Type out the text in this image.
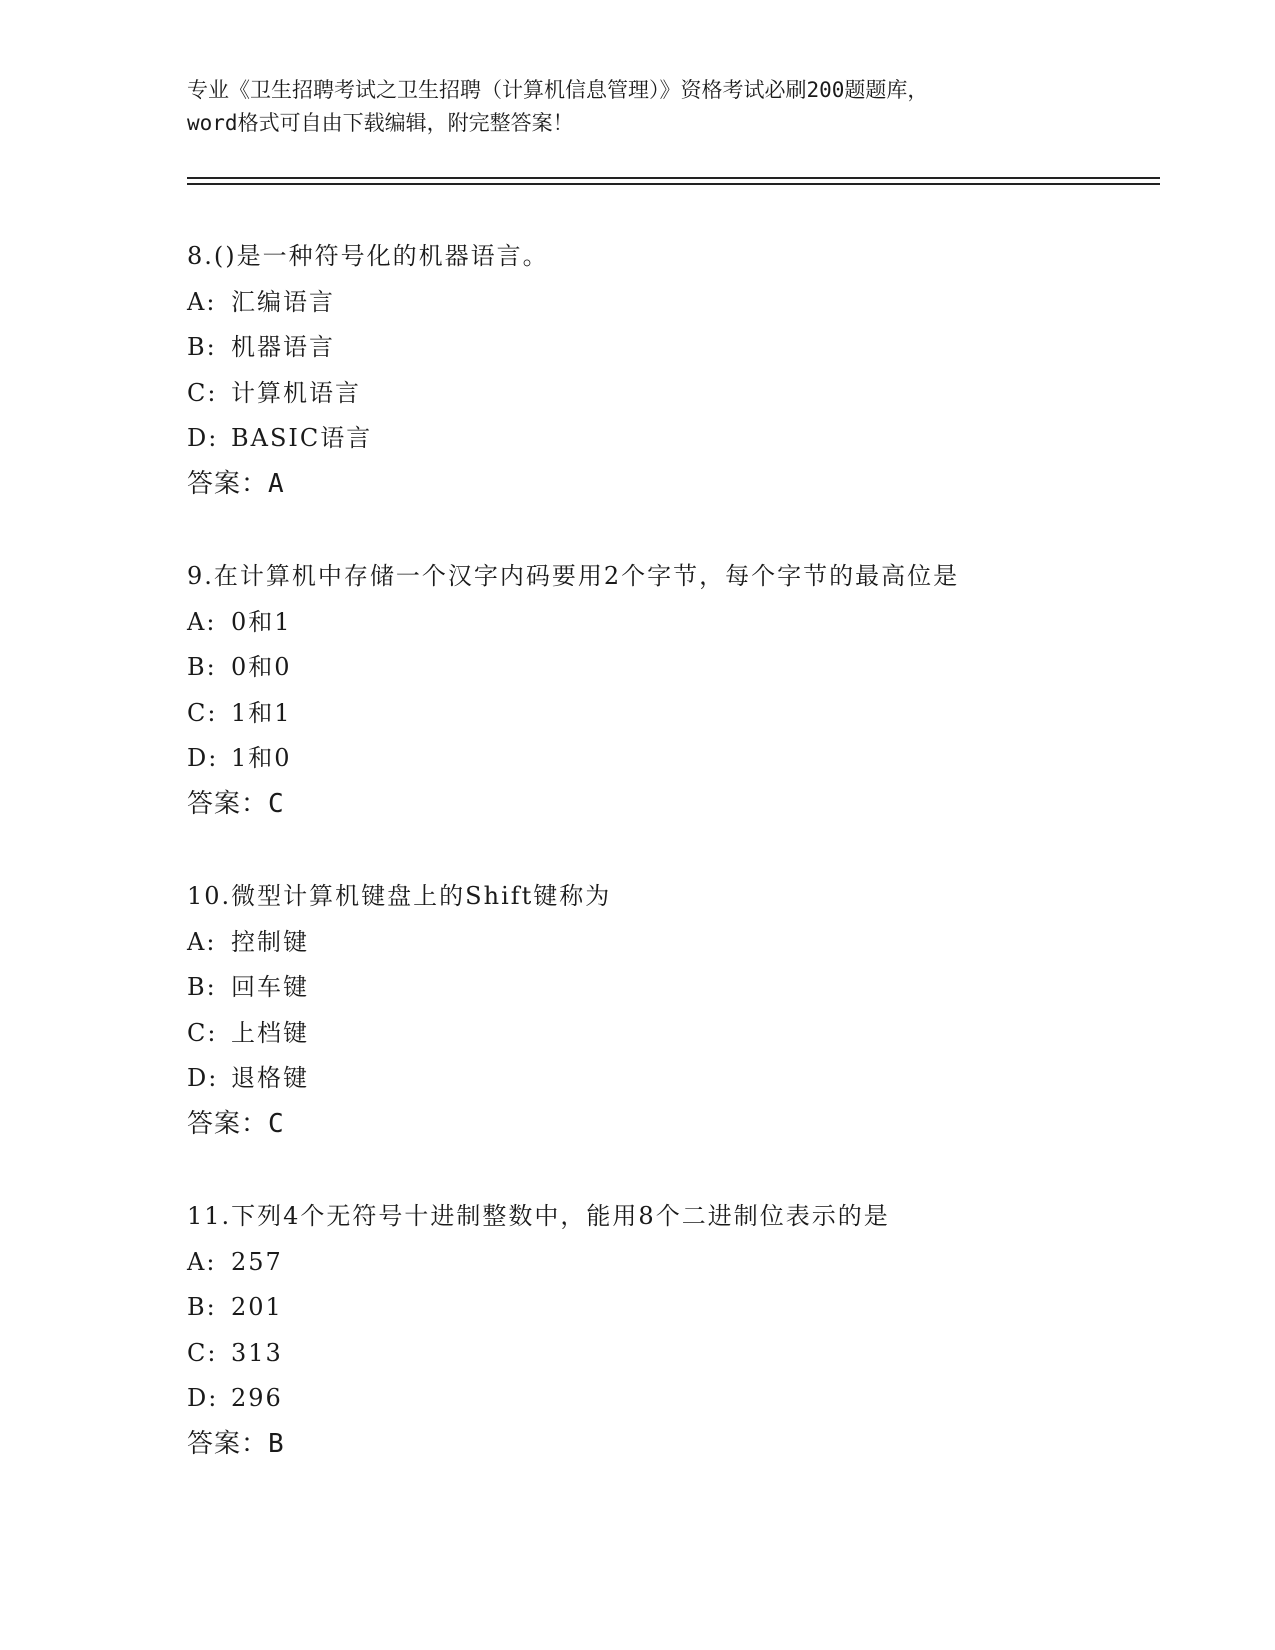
专业《卫生招聘考试之卫生招聘（计算机信息管理）》资格考试必刷200题题库，
word格式可自由下载编辑，附完整答案！
8.()是一种符号化的机器语言。
A: 汇编语言
B: 机器语言
C: 计算机语言
D: BASIC语言
答案：A
9.在计算机中存储一个汉字内码要用2个字节，每个字节的最高位是
A: 0和1
B: 0和0
C: 1和1
D: 1和0
答案：C
10.微型计算机键盘上的Shift键称为
A: 控制键
B: 回车键
C: 上档键
D: 退格键
答案：C
11.下列4个无符号十进制整数中，能用8个二进制位表示的是
A: 257
B: 201
C: 313
D: 296
答案：B
